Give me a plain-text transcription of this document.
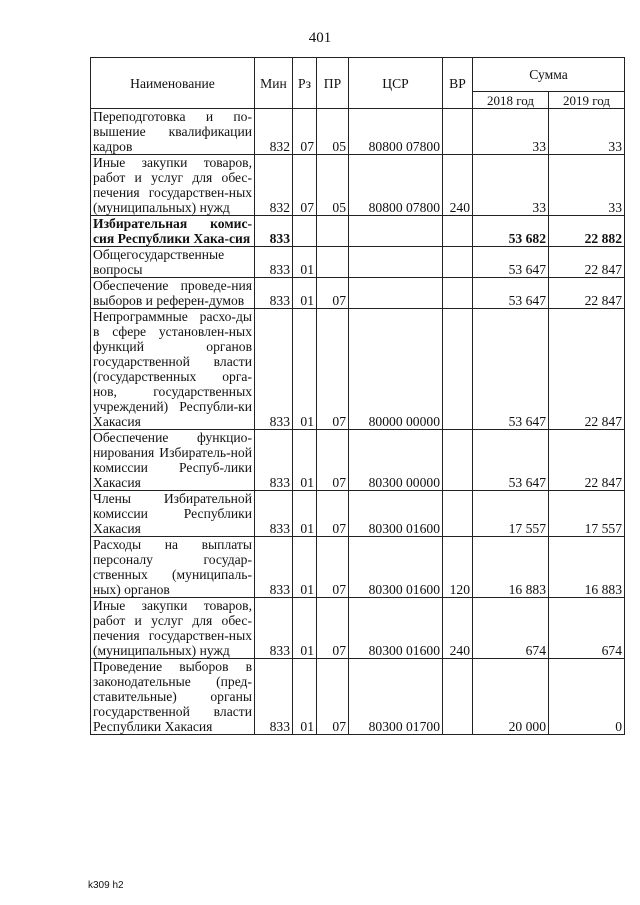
401
Наименование	Мин	Рз	ПР	ЦСР	ВР	Сумма	
						2018 год	2019 год
Переподготовка и по-вышение квалификации кадров	832	07	05	80800 07800		33	33
Иные закупки товаров, работ и услуг для обес-печения государствен-ных (муниципальных) нужд	832	07	05	80800 07800	240	33	33
Избирательная комис-сия Республики Хака-сия	833					53 682	22 882
Общегосударственные вопросы	833	01				53 647	22 847
Обеспечение проведе-ния выборов и референ-думов	833	01	07			53 647	22 847
Непрограммные расхо-ды в сфере установлен-ных функций органов государственной власти (государственных орга-нов, государственных учреждений) Республи-ки Хакасия	833	01	07	80000 00000		53 647	22 847
Обеспечение функцио-нирования Избиратель-ной комиссии Респуб-лики Хакасия	833	01	07	80300 00000		53 647	22 847
Члены Избирательной комиссии Республики Хакасия	833	01	07	80300 01600		17 557	17 557
Расходы на выплаты персоналу государ-ственных (муниципаль-ных) органов	833	01	07	80300 01600	120	16 883	16 883
Иные закупки товаров, работ и услуг для обес-печения государствен-ных (муниципальных) нужд	833	01	07	80300 01600	240	674	674
Проведение выборов в законодательные (пред-ставительные) органы государственной власти Республики Хакасия	833	01	07	80300 01700		20 000	0
k309 h2
